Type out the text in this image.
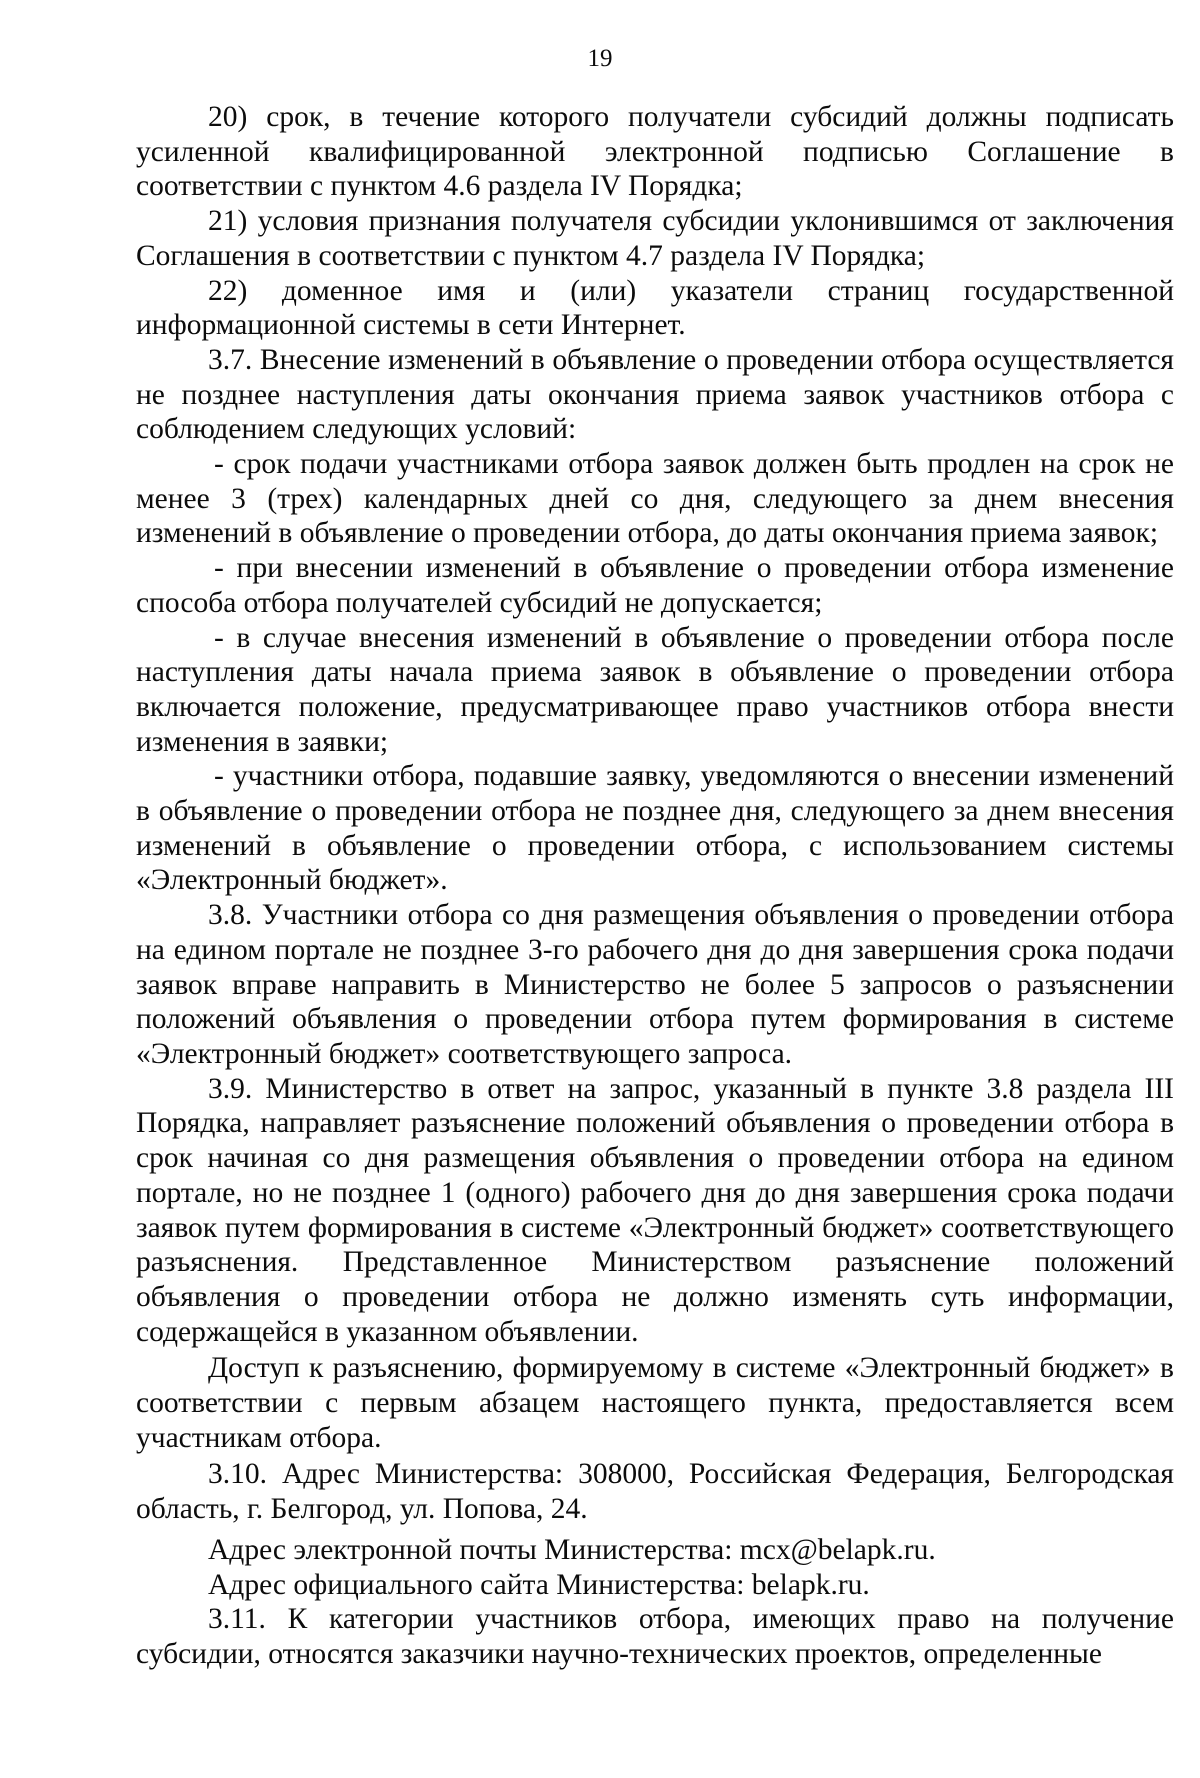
19

20) срок, в течение которого получатели субсидий должны подписать усиленной квалифицированной электронной подписью Соглашение в соответствии с пунктом 4.6 раздела IV Порядка;

21) условия признания получателя субсидии уклонившимся от заключения Соглашения в соответствии с пунктом 4.7 раздела IV Порядка;

22) доменное имя и (или) указатели страниц государственной информационной системы в сети Интернет.

3.7. Внесение изменений в объявление о проведении отбора осуществляется не позднее наступления даты окончания приема заявок участников отбора с соблюдением следующих условий:

- срок подачи участниками отбора заявок должен быть продлен на срок не менее 3 (трех) календарных дней со дня, следующего за днем внесения изменений в объявление о проведении отбора, до даты окончания приема заявок;

- при внесении изменений в объявление о проведении отбора изменение способа отбора получателей субсидий не допускается;

- в случае внесения изменений в объявление о проведении отбора после наступления даты начала приема заявок в объявление о проведении отбора включается положение, предусматривающее право участников отбора внести изменения в заявки;

- участники отбора, подавшие заявку, уведомляются о внесении изменений в объявление о проведении отбора не позднее дня, следующего за днем внесения изменений в объявление о проведении отбора, с использованием системы «Электронный бюджет».

3.8. Участники отбора со дня размещения объявления о проведении отбора на едином портале не позднее 3-го рабочего дня до дня завершения срока подачи заявок вправе направить в Министерство не более 5 запросов о разъяснении положений объявления о проведении отбора путем формирования в системе «Электронный бюджет» соответствующего запроса.

3.9. Министерство в ответ на запрос, указанный в пункте 3.8 раздела III Порядка, направляет разъяснение положений объявления о проведении отбора в срок начиная со дня размещения объявления о проведении отбора на едином портале, но не позднее 1 (одного) рабочего дня до дня завершения срока подачи заявок путем формирования в системе «Электронный бюджет» соответствующего разъяснения. Представленное Министерством разъяснение положений объявления о проведении отбора не должно изменять суть информации, содержащейся в указанном объявлении.

Доступ к разъяснению, формируемому в системе «Электронный бюджет» в соответствии с первым абзацем настоящего пункта, предоставляется всем участникам отбора.

3.10. Адрес Министерства: 308000, Российская Федерация, Белгородская область, г. Белгород, ул. Попова, 24.

Адрес электронной почты Министерства: mcx@belapk.ru.

Адрес официального сайта Министерства: belapk.ru.

3.11. К категории участников отбора, имеющих право на получение субсидии, относятся заказчики научно-технических проектов, определенные
